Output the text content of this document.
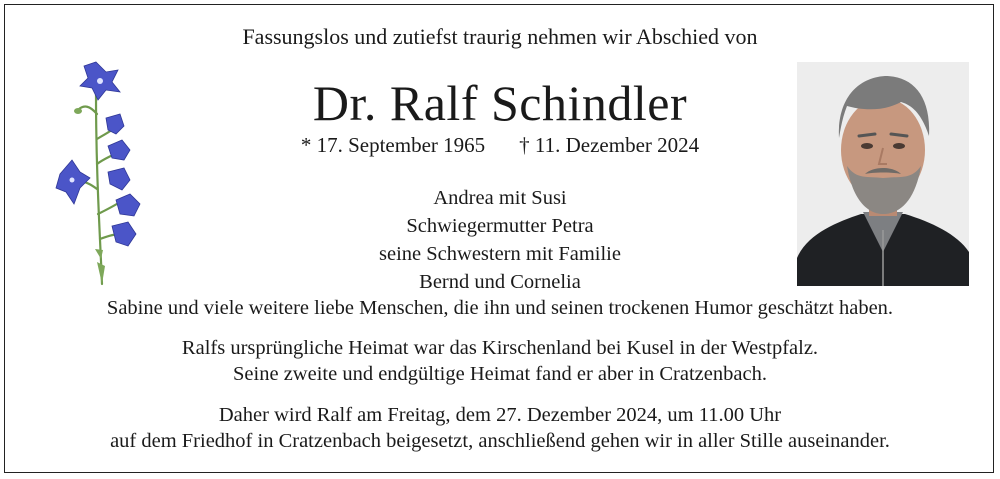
Fassungslos und zutiefst traurig nehmen wir Abschied von
Dr. Ralf Schindler
* 17. September 1965 † 11. Dezember 2024
Andrea mit Susi
Schwiegermutter Petra
seine Schwestern mit Familie
Bernd und Cornelia
Sabine und viele weitere liebe Menschen, die ihn und seinen trockenen Humor geschätzt haben.
Ralfs ursprüngliche Heimat war das Kirschenland bei Kusel in der Westpfalz.
Seine zweite und endgültige Heimat fand er aber in Cratzenbach.
Daher wird Ralf am Freitag, dem 27. Dezember 2024, um 11.00 Uhr
auf dem Friedhof in Cratzenbach beigesetzt, anschließend gehen wir in aller Stille auseinander.
